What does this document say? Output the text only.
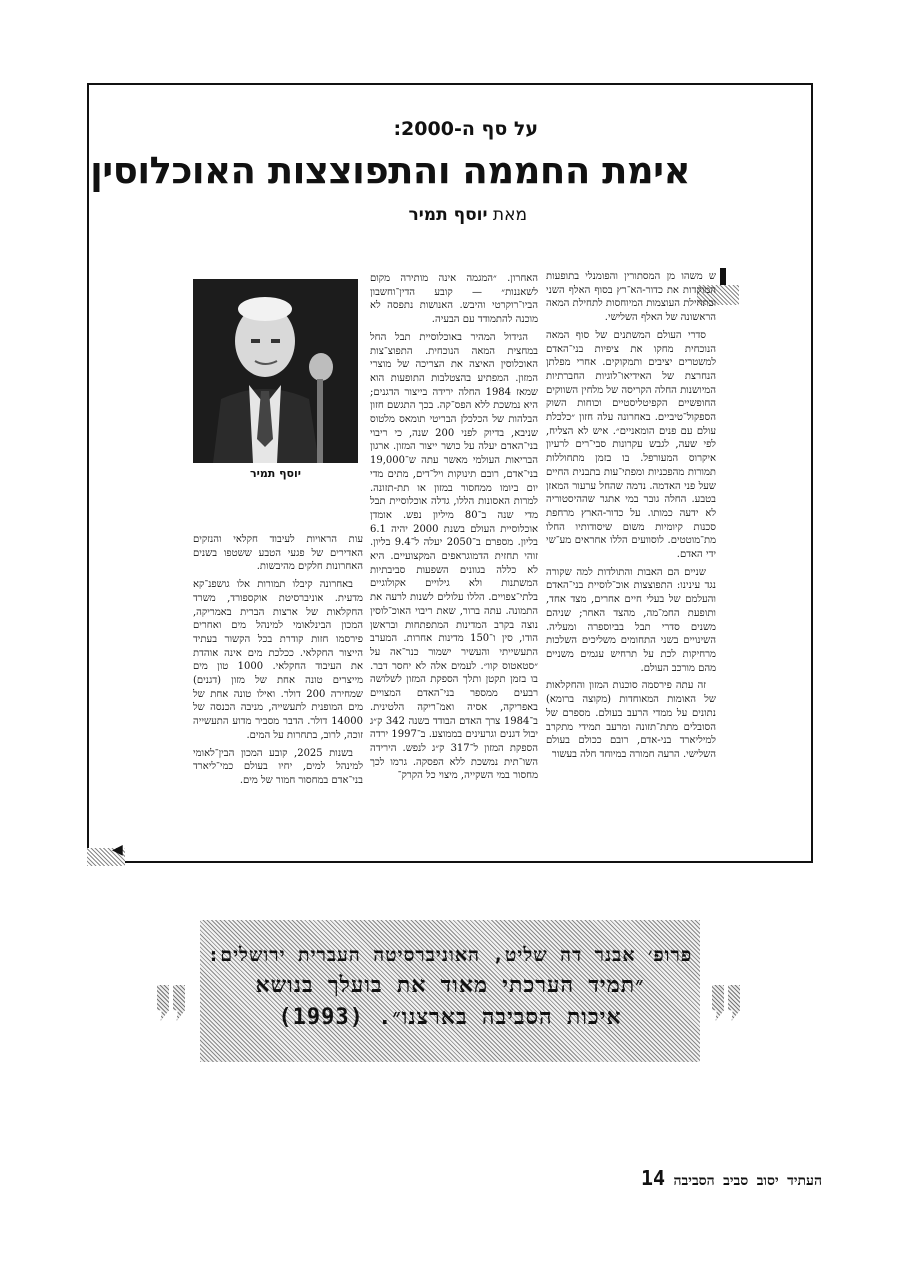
◀
על סף ה-2000:
אימת החממה והתפוצצות האוכלוסין
מאת יוסף תמיר

ש משהו מן המסתורין והפומנלי בתופעות המוקדות את כדור-הא־רץ בסוף האלף השני ובתחילת העוצמות המיוחסות לתחילת המאה הראשונה של האלף השלישי.

סדרי העולם המשתנים של סוף המאה הנוכחית מחקו את ציפיות בני־האדם למשטרים יציבים ותמקוקים. אחרי מפלתן הנחרצת של האידיאו־לוגיות החברתיות המיושנות החלה הקריסה של מלחין השווקים החופשיים הקפיטליסטיים וכוחות השוק הספקול־טיביים. באחרונה עלה חזון ״כלכלת עולם עם פנים הומאניים״. איש לא הצליח, לפי שעה, לגבש עקרונות סבי־רים לרעיון איקרוס המעורפל. בו בזמן מתחוללות תמורות מהפכניות ומפתי־עות בתבנית החיים שעל פני האדמה. נדמה שהחל ערעור המאזן בטבע. החלה גובר במי אתגר שההיסטוריה לא ידעה כמותו. על כדור-הארץ מרחפת סכנות קיומיות משום שיסודותיו החלו מת־מוטטים. לוסוועים הללו אחראים מע־שי ידי האדם.

שניים הם האבות והתולדות למה שקורה נגד עינינו: התפוצצות אוכ־לוסיית בני־האדם והעלמם של בעלי חיים אחרים, מצד אחד, ותופעת החמ־מה, מהצד האחר; שניהם משנים סדרי תבל בביוספרה ומעליה. השינויים בשני התחומים משליכים השלכות מרחיקות לכת על תרחיש עגמים משניים מהם מורכב העולם.

זה עתה פירסמה סוכנות המזון והחקלאות של האומות המאוחדות (מקוצה ברומא) נתונים על ממדי הרעב בעולם. מספרם של הסובלים מתת־תזונה ומרעב תמידי מתקרב למיליארד בני-אדם, רובם ככולם בעולם השלישי. הרעה חמורה במיוחד חלה בעשור

האחרון. ״המגמה אינה מותירה מקום לשאננות״ — קובע הדין־וחשבון הביו־רוקרטי והיבש. האנושות נתפסה לא מוכנה להתמודד עם הבעיה.

הגידול המהיר באוכלוסיית תבל החל במחצית המאה הנוכחית. התפוצ־צות האוכלוסין האיצה את הצריכה של מוצרי המזון. המפתיע בהצטלבות התופעות הוא שמאז 1984 החלה ירידה בייצור הדגנים; היא נמשכת ללא הפס־קה. בכך התגשם חזון הבלהות של הכלכלן הבריטי תומאס מלטוס שניבא, בדיוק לפני 200 שנה, כי ריבוי בני־האדם יעלה על כושר ייצור המזון. ארגון הבריאות העולמי מאשר עתה ש־19,000 בני־אדם, רובם תינוקות ויל־דים, מתים מדי יום ביומו ממחסור במזון או תת-תזונה. למרות האסונות הללו, גדלה אוכלוסיית תבל מדי שנה ב־80 מיליון נפש. אומדן אוכלוסיית העולם בשנת 2000 יהיה 6.1 בליון. מספרם ב־2050 יעלה ל־9.4 בליון. זוהי תחזית הדמוגראפים המקצועיים. היא לא כללה בגוונים השפעות סביבתיות המשתנות ולא גילויים אקולוגיים בלתי־צפויים. הללו עלולים לשנות לרעה את התמונה. עתה ברור, שאת ריבוי האוכ־לוסין נוצה בקרב המדינות המתפתחות ובראשן הודו, סין ו־150 מדינות אחרות. המערב התעשייתי והעשיר ישמור כנר־אה על ״סטאטוס קוו״. לעמים אלה לא יחסר דבר. בו בזמן תקטן ותלך הספקת המזון לשלושה רבעים ממספר בני־האדם המצויים באפריקה, אסיה ואמ־ריקה הלטינית. ב־1984 צרך האדם הבודד בשנה 342 ק״ג יבול דגנים וגרעינים בממוצע. ב־1997 ירדה הספקת המזון ל־317 ק״ג לנפש. הירידה השו־תית נמשכת ללא הפסקה. גרמו לכך מחסור במי השקייה, מיצוי כל הקרק־

יוסף תמיר

עות הראויות לעיבוד חקלאי והנזקים האדירים של פגעי הטבע ששטפו בשנים האחרונות חלקים מהיבשות.

באחרונה קיבלו תמורות אלו גושפנ־קא מדעית. אוניברסיטת אוקספורד, משרד החקלאות של ארצות הברית באמריקה, המכון הבינלאומי למינהל מים ואחרים פירסמו חזות קודרת בכל הקשור בעתיד הייצור החקלאי. ככלכת מים אינה אוהדת את העיבוד החקלאי. 1000 טון מים מייצרים טונה אחת של מזון (דגנים) שמחירה 200 דולר. ואילו טונה אחת של מים המופנית לתעשייה, מניבה הכנסה של 14000 דולר. הדבר מסביר מדוע התעשייה זוכה, לרוב, בתחרות על המים.

בשנות 2025, קובע המכון הבין־לאומי למינהל למים, יחיו בעולם כמי־ליארד בני־אדם במחסור חמור של מים.

פרופ׳ אבנר דה שליט, האוניברסיטה העברית ירושלים:
״תמיד הערכתי מאוד את בועלך בנושא
איכות הסביבה בארצנו״. (1993)
העתיד יסוב סביב הסביבה 14
